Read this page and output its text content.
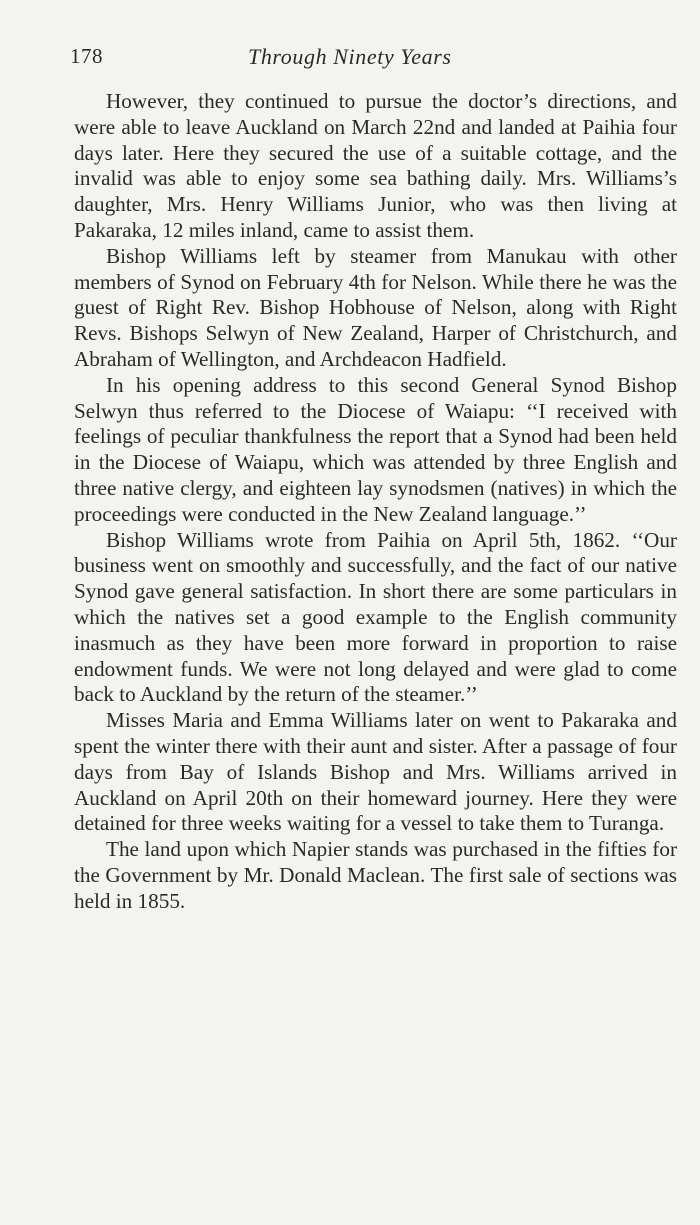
178	Through Ninety Years

However, they continued to pursue the doctor’s directions, and were able to leave Auckland on March 22nd and landed at Paihia four days later. Here they secured the use of a suitable cottage, and the invalid was able to enjoy some sea bathing daily. Mrs. Williams’s daughter, Mrs. Henry Williams Junior, who was then living at Pakaraka, 12 miles inland, came to assist them.

Bishop Williams left by steamer from Manukau with other members of Synod on February 4th for Nelson. While there he was the guest of Right Rev. Bishop Hobhouse of Nelson, along with Right Revs. Bishops Selwyn of New Zealand, Harper of Christchurch, and Abraham of Wellington, and Archdeacon Hadfield.

In his opening address to this second General Synod Bishop Selwyn thus referred to the Diocese of Waiapu: ‘‘I received with feelings of peculiar thankfulness the report that a Synod had been held in the Diocese of Waiapu, which was attended by three English and three native clergy, and eighteen lay synodsmen (natives) in which the proceedings were conducted in the New Zealand language.’’

Bishop Williams wrote from Paihia on April 5th, 1862. ‘‘Our business went on smoothly and successfully, and the fact of our native Synod gave general satisfaction. In short there are some particulars in which the natives set a good example to the English community inasmuch as they have been more forward in proportion to raise endowment funds. We were not long delayed and were glad to come back to Auckland by the return of the steamer.’’

Misses Maria and Emma Williams later on went to Pakaraka and spent the winter there with their aunt and sister. After a passage of four days from Bay of Islands Bishop and Mrs. Williams arrived in Auckland on April 20th on their homeward journey. Here they were detained for three weeks waiting for a vessel to take them to Turanga.

The land upon which Napier stands was purchased in the fifties for the Government by Mr. Donald Maclean. The first sale of sections was held in 1855.
